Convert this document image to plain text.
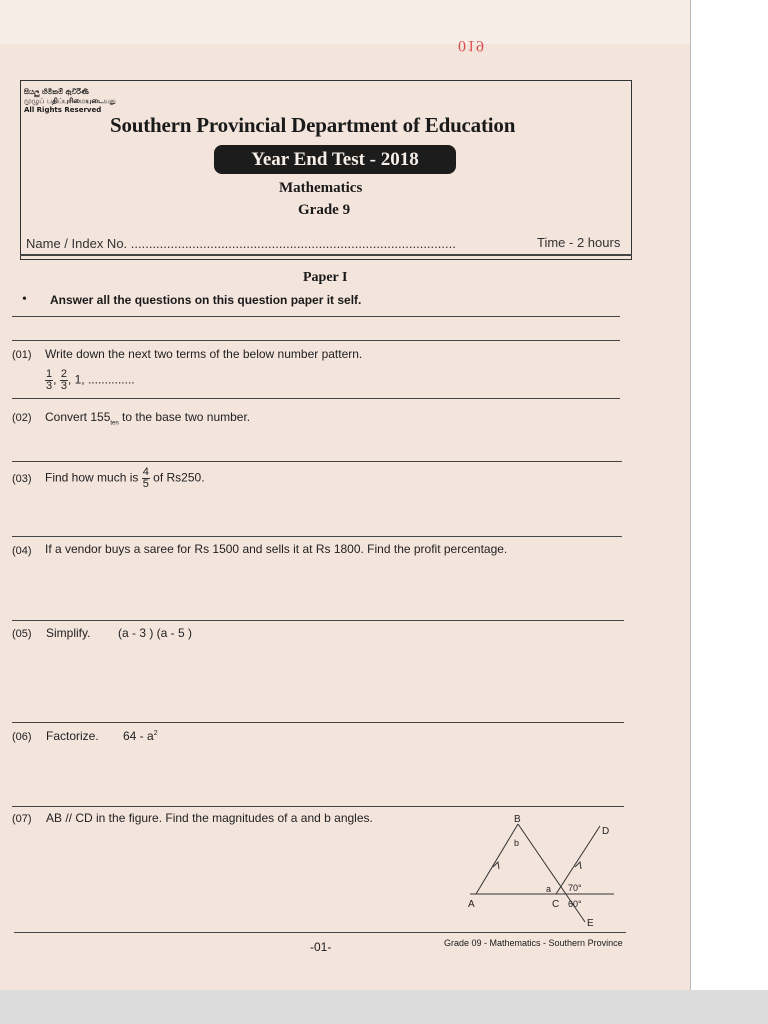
019
සියලු හිමිකම් ඇවිරිණි
முழுப் பதிப்புரிமையுடையது
All Rights Reserved
Southern Provincial Department of Education
Year End Test - 2018
Mathematics
Grade 9
Name / Index No. ..........................................................................................	Time - 2 hours
Paper I
• Answer all the questions on this question paper it self.
(01) Write down the next two terms of the below number pattern.
$\frac{1}{3}$ , $\frac{2}{3}$ , 1, ..............
(02) Convert $155_{ten}$ to the base two number.
(03) Find how much is $\frac{4}{5}$ of Rs250.
(04) If a vendor buys a saree for Rs 1500 and sells it at Rs 1800. Find the profit percentage.
(05) Simplify. (a - 3 ) (a - 5 )
(06) Factorize. $64 - a^2$
(07) AB // CD in the figure. Find the magnitudes of a and b angles.
A
B
C
D
E
a
b
70°
60°
-01-	Grade 09 - Mathematics - Southern Province
